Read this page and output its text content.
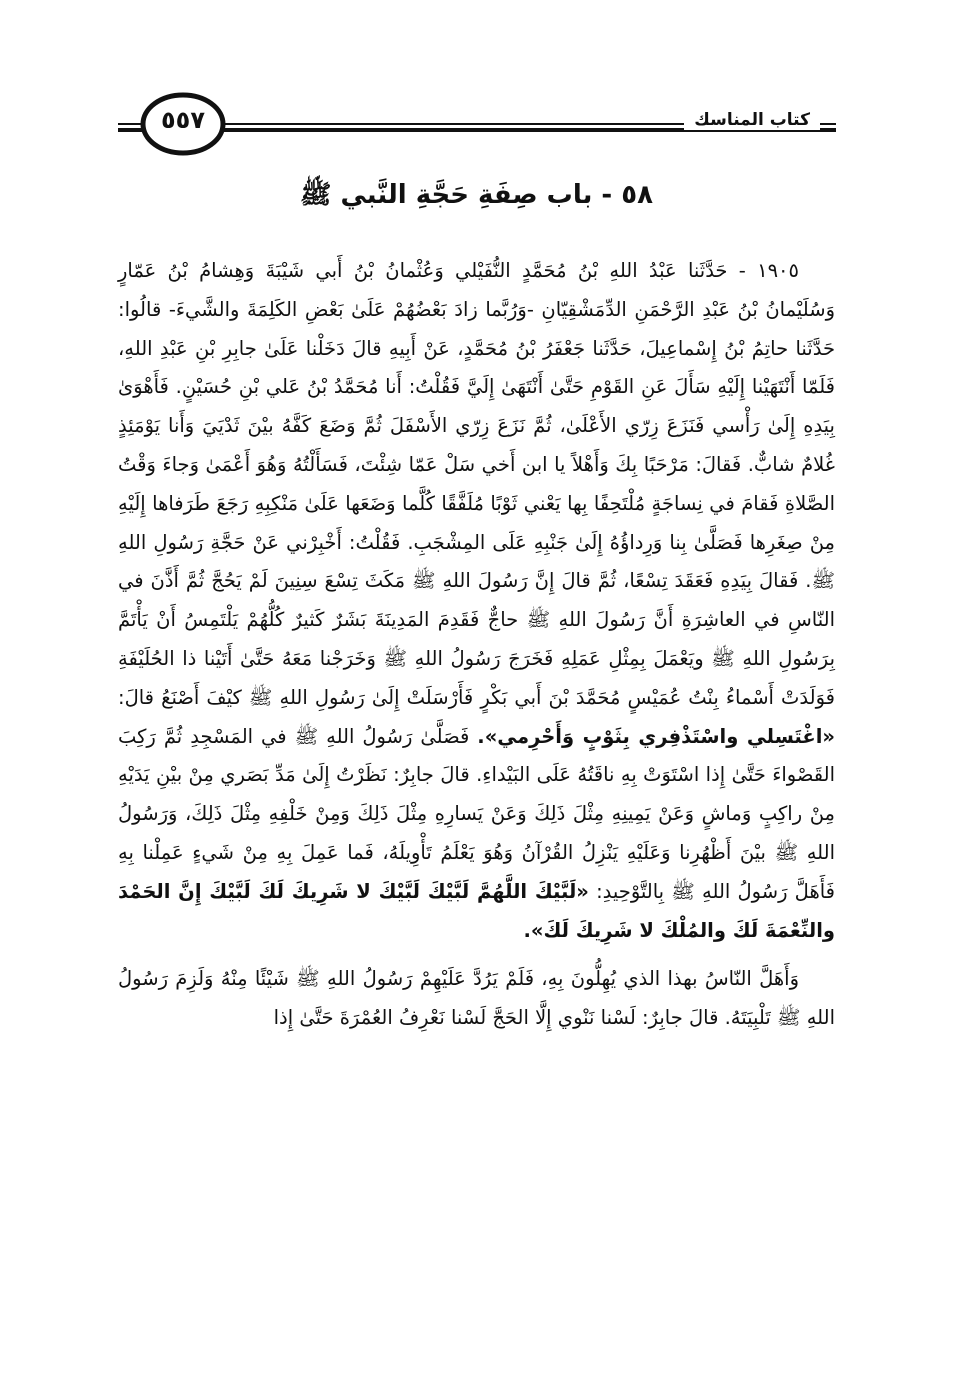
٥٥٧	كتاب المناسك
٥٨ - باب صِفَةِ حَجَّةِ النَّبي ﷺ

١٩٠٥ - حَدَّثَنا عَبْدُ اللهِ بْنُ مُحَمَّدٍ النُّفَيْلي وَعُثْمانُ بْنُ أَبي شَيْبَةَ وَهِشامُ بْنُ عَمّارٍ وَسُلَيْمانُ بْنُ عَبْدِ الرَّحْمَنِ الدِّمَشْقِيّانِ -وَرُبَّما زادَ بَعْضُهُمْ عَلَىٰ بَعْضِ الكَلِمَةَ والشَّيءَ- قالُوا: حَدَّثَنا حاتِمُ بْنُ إِسْماعِيلَ، حَدَّثَنا جَعْفَرُ بْنُ مُحَمَّدٍ، عَنْ أَبِيهِ قالَ دَخَلْنا عَلَىٰ جابِرِ بْنِ عَبْدِ اللهِ، فَلَمّا أَنْتَهَيْنا إِلَيْهِ سَأَلَ عَنِ القَوْمِ حَتَّىٰ أَنْتَهَىٰ إِلَيَّ فَقُلْتُ: أَنا مُحَمَّدُ بْنُ عَلي بْنِ حُسَيْنٍ. فَأَهْوَىٰ بِيَدِهِ إِلَىٰ رَأْسي فَنَزَعَ زِرّي الأَعْلَىٰ، ثُمَّ نَزَعَ زِرّي الأَسْفَلَ ثُمَّ وَضَعَ كَفَّهُ بيْنَ ثَدْيَيَ وَأَنا يَوْمَئِذٍ غُلامٌ شابٌّ. فَقالَ: مَرْحَبًا بِكَ وَأَهْلاً يا ابن أَخي سَلْ عَمّا شِئْتَ، فَسَأَلْتُهُ وَهُوَ أَعْمَىٰ وَجاءَ وَقْتُ الصَّلاةِ فَقامَ في نِساجَةٍ مُلْتَحِفًا بِها يَعْني ثَوْبًا مُلَفَّقًا كُلَّما وَضَعَها عَلَىٰ مَنْكِبِهِ رَجَعَ طَرَفاها إِلَيْهِ مِنْ صِغَرِها فَصَلَّىٰ بِنا وَرِداؤُهُ إِلَىٰ جَنْبِهِ عَلَى المِشْجَبِ. فَقُلْتُ: أَخْبِرْني عَنْ حَجَّةِ رَسُولِ اللهِ ﷺ. فَقالَ بِيَدِهِ فَعَقَدَ تِسْعًا، ثُمَّ قالَ إِنَّ رَسُولَ اللهِ ﷺ مَكَثَ تِسْعَ سِنِينَ لَمْ يَحُجَّ ثُمَّ أَذَّنَ في النّاسِ في العاشِرَةِ أَنَّ رَسُولَ اللهِ ﷺ حاجٌّ فَقَدِمَ المَدِينَةَ بَشَرٌ كَثيرٌ كُلُّهُمْ يَلْتَمِسُ أَنْ يَأْتَمَّ بِرَسُولِ اللهِ ﷺ ويَعْمَلَ بِمِثْلِ عَمَلِهِ فَخَرَجَ رَسُولُ اللهِ ﷺ وَخَرَجْنا مَعَهُ حَتَّىٰ أَتَيْنا ذا الحُلَيْفَةِ فَوَلَدَتْ أَسْماءُ بِنْتُ عُمَيْسٍ مُحَمَّدَ بْنَ أَبي بَكْرٍ فَأَرْسَلَتْ إِلَىٰ رَسُولِ اللهِ ﷺ كيْفَ أَصْنَعُ قالَ: «اغْتَسِلي واسْتَذْفِري بِثَوْبٍ وَأَحْرِمي». فَصَلَّىٰ رَسُولُ اللهِ ﷺ في المَسْجِدِ ثُمَّ رَكِبَ القَصْواءَ حَتَّىٰ إِذا اسْتَوَتْ بِهِ ناقَتُهُ عَلَى البَيْداءِ. قالَ جابِرٌ: نَظَرْتُ إِلَىٰ مَدِّ بَصَري مِنْ بيْنِ يَدَيْهِ مِنْ راكِبٍ وَماشٍ وَعَنْ يَمِينِهِ مِثْلَ ذَلِكَ وَعَنْ يَسارِهِ مِثْلَ ذَلِكَ وَمِنْ خَلْفِهِ مِثْلَ ذَلِكَ، وَرَسُولُ اللهِ ﷺ بيْنَ أَظْهُرِنا وَعَلَيْهِ يَنْزِلُ القُرْآنُ وَهُوَ يَعْلَمُ تَأْوِيلَهُ، فَما عَمِلَ بِهِ مِنْ شَيءٍ عَمِلْنا بِهِ فَأَهَلَّ رَسُولُ اللهِ ﷺ بِالتَّوْحِيدِ: «لَبَّيْكَ اللَّهُمَّ لَبَّيْكَ لَبَّيْكَ لا شَرِيكَ لَكَ لَبَّيْكَ إِنَّ الحَمْدَ والنِّعْمَةَ لَكَ والمُلْكَ لا شَرِيكَ لَكَ».

وَأَهَلَّ النّاسُ بهذا الذي يُهِلُّونَ بِهِ، فَلَمْ يَرُدَّ عَلَيْهِمْ رَسُولُ اللهِ ﷺ شَيْئًا مِنْهُ وَلَزِمَ رَسُولُ اللهِ ﷺ تَلْبِيَتَهُ. قالَ جابِرٌ: لَسْنا نَنْوي إِلَّا الحَجَّ لَسْنا نَعْرِفُ العُمْرَةَ حَتَّىٰ إِذا
